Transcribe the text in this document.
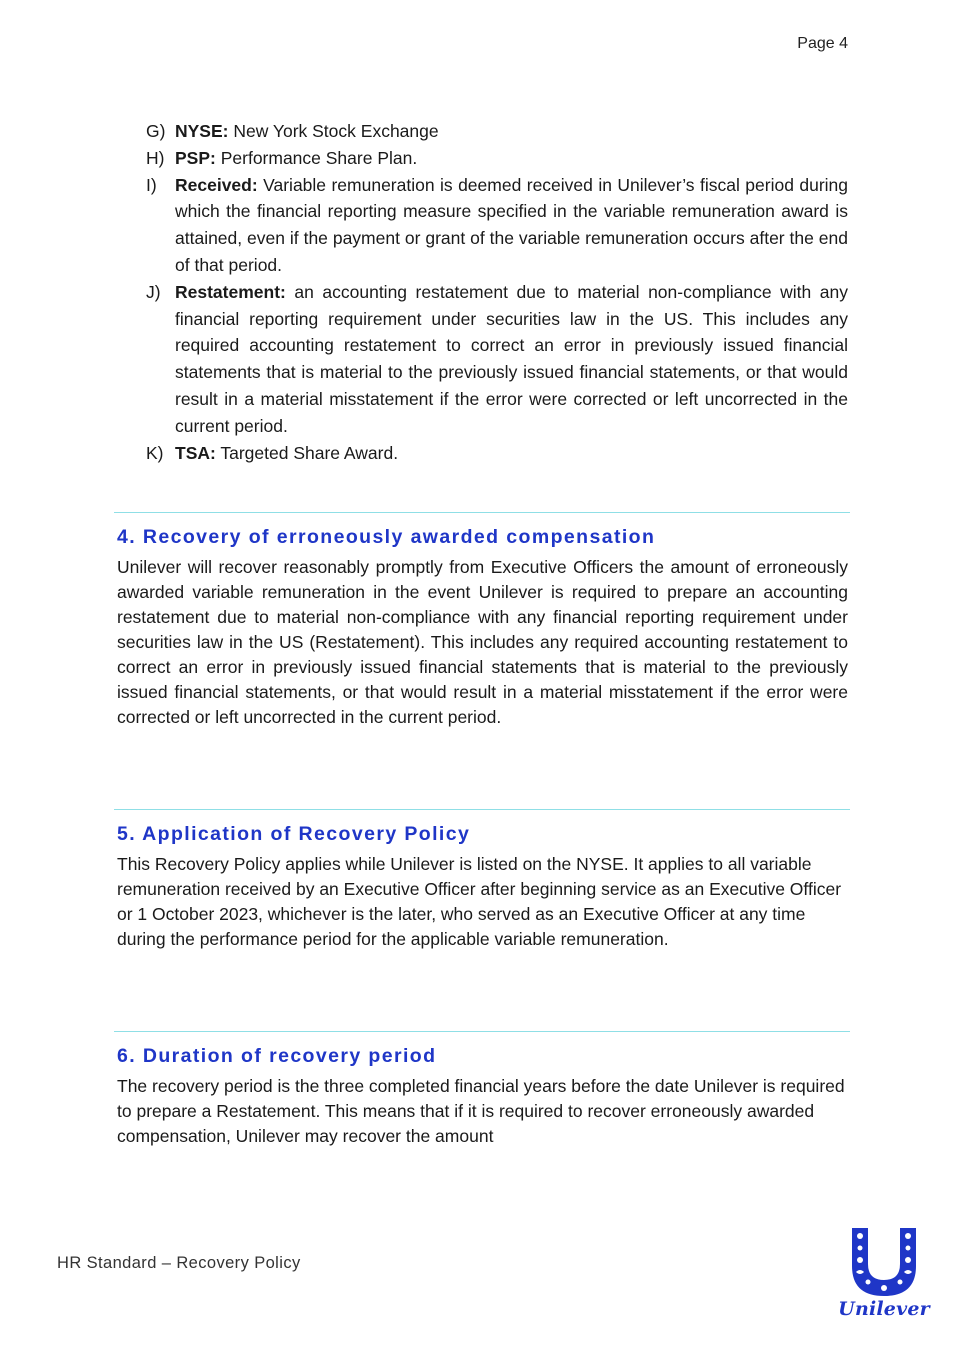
Page 4
G) NYSE: New York Stock Exchange
H) PSP: Performance Share Plan.
I) Received: Variable remuneration is deemed received in Unilever’s fiscal period during which the financial reporting measure specified in the variable remuneration award is attained, even if the payment or grant of the variable remuneration occurs after the end of that period.
J) Restatement: an accounting restatement due to material non-compliance with any financial reporting requirement under securities law in the US. This includes any required accounting restatement to correct an error in previously issued financial statements that is material to the previously issued financial statements, or that would result in a material misstatement if the error were corrected or left uncorrected in the current period.
K) TSA: Targeted Share Award.
4. Recovery of erroneously awarded compensation
Unilever will recover reasonably promptly from Executive Officers the amount of erroneously awarded variable remuneration in the event Unilever is required to prepare an accounting restatement due to material non-compliance with any financial reporting requirement under securities law in the US (Restatement). This includes any required accounting restatement to correct an error in previously issued financial statements that is material to the previously issued financial statements, or that would result in a material misstatement if the error were corrected or left uncorrected in the current period.
5. Application of Recovery Policy
This Recovery Policy applies while Unilever is listed on the NYSE. It applies to all variable remuneration received by an Executive Officer after beginning service as an Executive Officer or 1 October 2023, whichever is the later, who served as an Executive Officer at any time during the performance period for the applicable variable remuneration.
6. Duration of recovery period
The recovery period is the three completed financial years before the date Unilever is required to prepare a Restatement. This means that if it is required to recover erroneously awarded compensation, Unilever may recover the amount
HR Standard – Recovery Policy
Unilever
